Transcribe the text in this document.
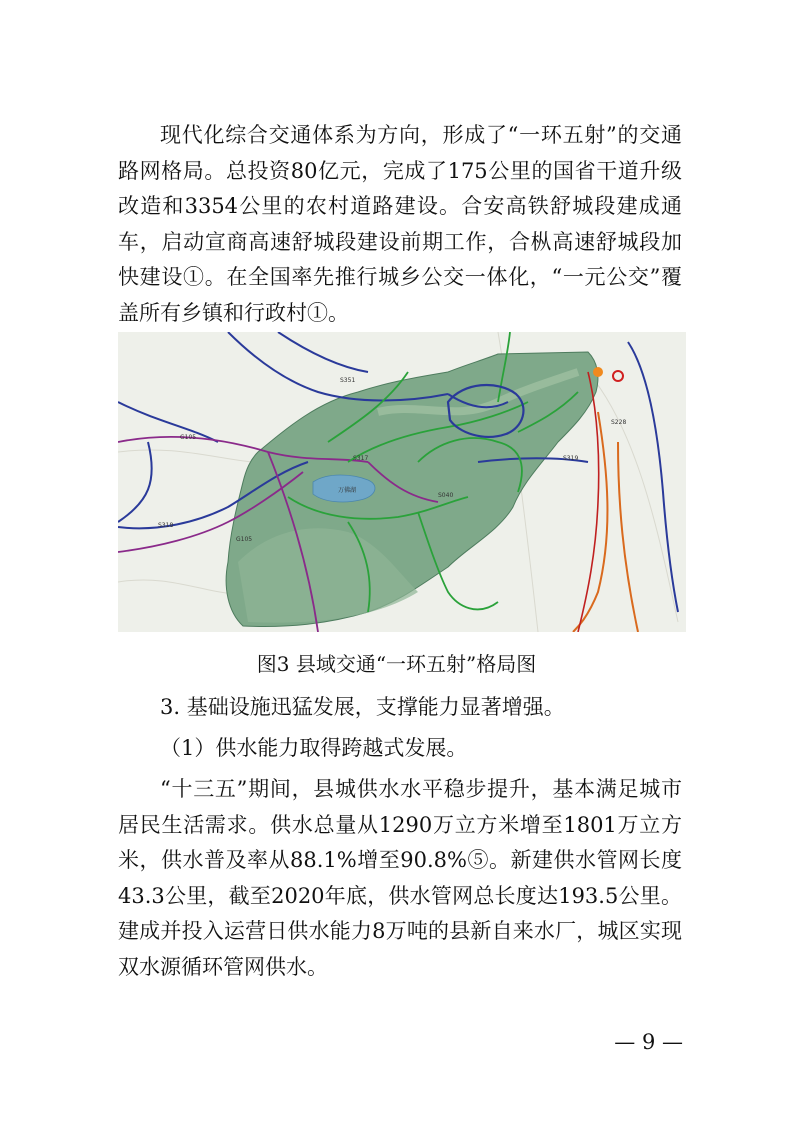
现代化综合交通体系为方向，形成了“一环五射”的交通路网格局。总投资80亿元，完成了175公里的国省干道升级改造和3354公里的农村道路建设。合安高铁舒城段建成通车，启动宣商高速舒城段建设前期工作，合枞高速舒城段加快建设①。在全国率先推行城乡公交一体化，“一元公交”覆盖所有乡镇和行政村①。

万佛湖
S351
G105
S318
G105
S317	S319
S228
S040

图3 县域交通“一环五射”格局图

3. 基础设施迅猛发展，支撑能力显著增强。

（1）供水能力取得跨越式发展。

“十三五”期间，县城供水水平稳步提升，基本满足城市居民生活需求。供水总量从1290万立方米增至1801万立方米，供水普及率从88.1%增至90.8%⑤。新建供水管网长度43.3公里，截至2020年底，供水管网总长度达193.5公里。建成并投入运营日供水能力8万吨的县新自来水厂，城区实现双水源循环管网供水。

— 9 —
